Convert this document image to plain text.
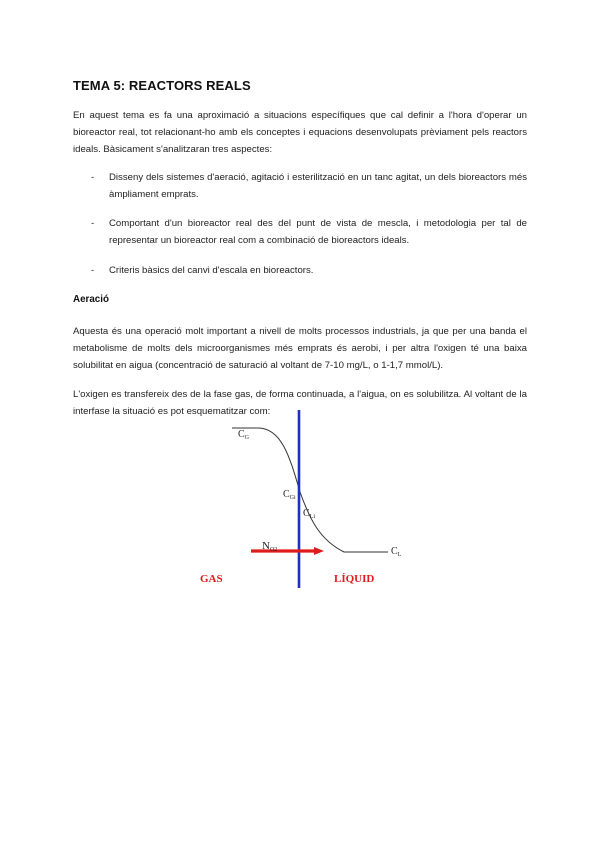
TEMA 5: REACTORS REALS
En aquest tema es fa una aproximació a situacions específiques que cal definir a l'hora d'operar un bioreactor real, tot relacionant-ho amb els conceptes i equacions desenvolupats prèviament pels reactors ideals. Bàsicament s'analitzaran tres aspectes:
- Disseny dels sistemes d'aeració, agitació i esterilització en un tanc agitat, un dels bioreactors més àmpliament emprats.
- Comportant d'un bioreactor real des del punt de vista de mescla, i metodologia per tal de representar un bioreactor real com a combinació de bioreactors ideals.
- Criteris bàsics del canvi d'escala en bioreactors.
Aeració
Aquesta és una operació molt important a nivell de molts processos industrials, ja que per una banda el metabolisme de molts dels microorganismes més emprats és aerobi, i per altra l'oxigen té una baixa solubilitat en aigua (concentració de saturació al voltant de 7-10 mg/L, o 1-1,7 mmol/L).
L'oxigen es transfereix des de la fase gas, de forma continuada, a l'aigua, on es solubilitza. Al voltant de la interfase la situació es pot esquematitzar com:
$C_G$
$C_{Gi}$
$C_{Li}$
$C_L$
NO2
GAS	LÍQUID
